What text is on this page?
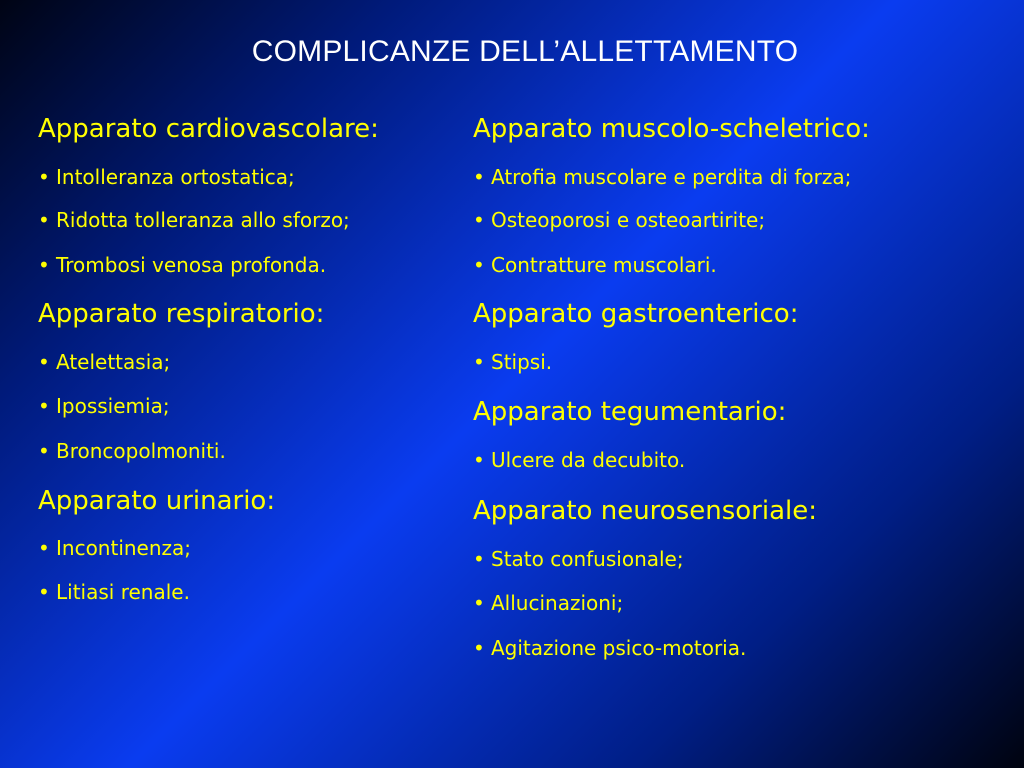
COMPLICANZE DELL’ALLETTAMENTO
Apparato cardiovascolare:
• Intolleranza ortostatica;
• Ridotta tolleranza allo sforzo;
• Trombosi venosa profonda.
Apparato respiratorio:
• Atelettasia;
• Ipossiemia;
• Broncopolmoniti.
Apparato urinario:
• Incontinenza;
• Litiasi renale.
Apparato muscolo-scheletrico:
• Atrofia muscolare e perdita di forza;
• Osteoporosi e osteoartirite;
• Contratture muscolari.
Apparato gastroenterico:
• Stipsi.
Apparato tegumentario:
• Ulcere da decubito.
Apparato neurosensoriale:
• Stato confusionale;
• Allucinazioni;
• Agitazione psico-motoria.
